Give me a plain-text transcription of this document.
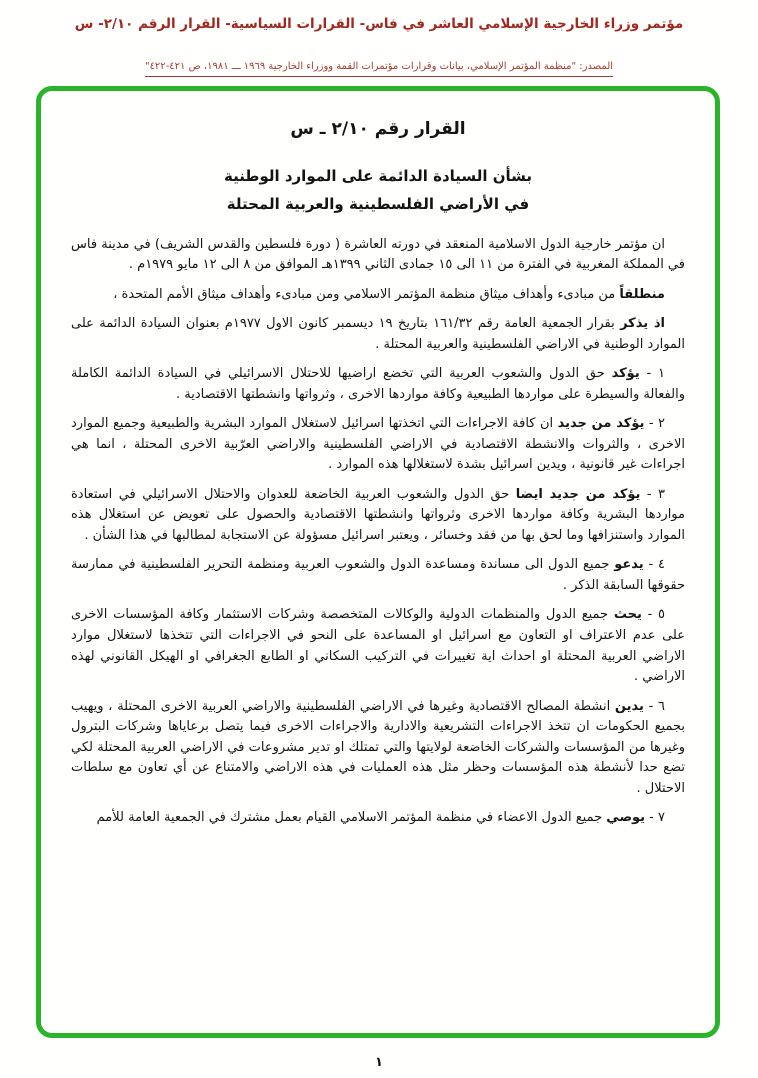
مؤتمر وزراء الخارجية الإسلامي العاشر في فاس- القرارات السياسية- القرار الرقم ٢/١٠- س

المصدر: "منظمة المؤتمر الإسلامي، بيانات وقرارات مؤتمرات القمة ووزراء الخارجية ١٩٦٩ ـــ ١٩٨١، ص ٤٢١-٤٢٢"
القرار رقم ٢/١٠ ـ س
بشأن السيادة الدائمة على الموارد الوطنية
في الأراضي الفلسطينية والعربية المحتلة

ان مؤتمر خارجية الدول الاسلامية المنعقد في دورته العاشرة ( دورة فلسطين والقدس الشريف) في مدينة فاس في المملكة المغربية في الفترة من ١١ الى ١٥ جمادى الثاني ١٣٩٩هـ الموافق من ٨ الى ١٢ مايو ١٩٧٩م .

منطلقاً من مبادىء وأهداف ميثاق منظمة المؤتمر الاسلامي ومن مبادىء وأهداف ميثاق الأمم المتحدة ،

اذ يذكر بقرار الجمعية العامة رقم ١٦١/٣٢ بتاريخ ١٩ ديسمبر كانون الاول ١٩٧٧م بعنوان السيادة الدائمة على الموارد الوطنية في الاراضي الفلسطينية والعربية المحتلة .

١ - يؤكد حق الدول والشعوب العربية التي تخضع اراضيها للاحتلال الاسرائيلي في السيادة الدائمة الكاملة والفعالة والسيطرة على مواردها الطبيعية وكافة مواردها الاخرى ، وثرواتها وانشطتها الاقتصادية .

٢ - يؤكد من جديد ان كافة الاجراءات التي اتخذتها اسرائيل لاستغلال الموارد البشرية والطبيعية وجميع الموارد الاخرى ، والثروات والانشطة الاقتصادية في الاراضي الفلسطينية والاراضي العرّبية الاخرى المحتلة ، انما هي اجراءات غير قانونية ، ويدين اسرائيل بشدة لاستغلالها هذه الموارد .

٣ - يؤكد من جديد ايضا حق الدول والشعوب العربية الخاضعة للعدوان والاحتلال الاسرائيلي في استعادة مواردها البشرية وكافة مواردها الاخرى وثرواتها وانشطتها الاقتصادية والحصول على تعويض عن استغلال هذه الموارد واستنزافها وما لحق بها من فقد وخسائر ، ويعتبر اسرائيل مسؤولة عن الاستجابة لمطالبها في هذا الشأن .

٤ - يدعو جميع الدول الى مساندة ومساعدة الدول والشعوب العربية ومنظمة التحرير الفلسطينية في ممارسة حقوقها السابقة الذكر .

٥ - يحث جميع الدول والمنظمات الدولية والوكالات المتخصصة وشركات الاستثمار وكافة المؤسسات الاخرى على عدم الاعتراف او التعاون مع اسرائيل او المساعدة على النحو في الاجراءات التي تتخذها لاستغلال موارد الاراضي العربية المحتلة او احداث اية تغييرات في التركيب السكاني او الطابع الجغرافي او الهيكل القانوني لهذه الاراضي .

٦ - يدين انشطة المصالح الاقتصادية وغيرها في الاراضي الفلسطينية والاراضي العربية الاخرى المحتلة ، ويهيب بجميع الحكومات ان تتخذ الاجراءات التشريعية والادارية والاجراءات الاخرى فيما يتصل برعاياها وشركات البترول وغيرها من المؤسسات والشركات الخاضعة لولايتها والتي تمتلك او تدير مشروعات في الاراضي العربية المحتلة لكي تضع حدا لأنشطة هذه المؤسسات وحظر مثل هذه العمليات في هذه الاراضي والامتناع عن أي تعاون مع سلطات الاحتلال .

٧ - يوصي جميع الدول الاعضاء في منظمة المؤتمر الاسلامي القيام بعمل مشترك في الجمعية العامة للأمم

١
